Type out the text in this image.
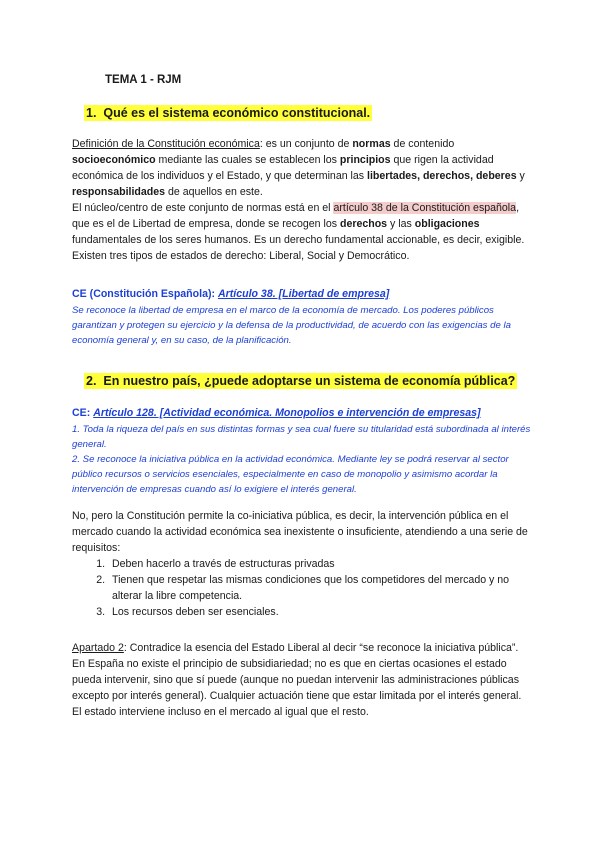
TEMA 1 - RJM
1. Qué es el sistema económico constitucional.
Definición de la Constitución económica: es un conjunto de normas de contenido socioeconómico mediante las cuales se establecen los principios que rigen la actividad económica de los individuos y el Estado, y que determinan las libertades, derechos, deberes y responsabilidades de aquellos en este.
El núcleo/centro de este conjunto de normas está en el artículo 38 de la Constitución española, que es el de Libertad de empresa, donde se recogen los derechos y las obligaciones fundamentales de los seres humanos. Es un derecho fundamental accionable, es decir, exigible.
Existen tres tipos de estados de derecho: Liberal, Social y Democrático.
CE (Constitución Española): Artículo 38. [Libertad de empresa]
Se reconoce la libertad de empresa en el marco de la economía de mercado. Los poderes públicos garantizan y protegen su ejercicio y la defensa de la productividad, de acuerdo con las exigencias de la economía general y, en su caso, de la planificación.
2. En nuestro país, ¿puede adoptarse un sistema de economía pública?
CE: Artículo 128. [Actividad económica. Monopolios e intervención de empresas]
1. Toda la riqueza del país en sus distintas formas y sea cual fuere su titularidad está subordinada al interés general.
2. Se reconoce la iniciativa pública en la actividad económica. Mediante ley se podrá reservar al sector público recursos o servicios esenciales, especialmente en caso de monopolio y asimismo acordar la intervención de empresas cuando así lo exigiere el interés general.
No, pero la Constitución permite la co-iniciativa pública, es decir, la intervención pública en el mercado cuando la actividad económica sea inexistente o insuficiente, atendiendo a una serie de requisitos:
1. Deben hacerlo a través de estructuras privadas
2. Tienen que respetar las mismas condiciones que los competidores del mercado y no alterar la libre competencia.
3. Los recursos deben ser esenciales.
Apartado 2: Contradice la esencia del Estado Liberal al decir “se reconoce la iniciativa pública”. En España no existe el principio de subsidiariedad; no es que en ciertas ocasiones el estado pueda intervenir, sino que sí puede (aunque no puedan intervenir las administraciones públicas excepto por interés general). Cualquier actuación tiene que estar limitada por el interés general. El estado interviene incluso en el mercado al igual que el resto.
